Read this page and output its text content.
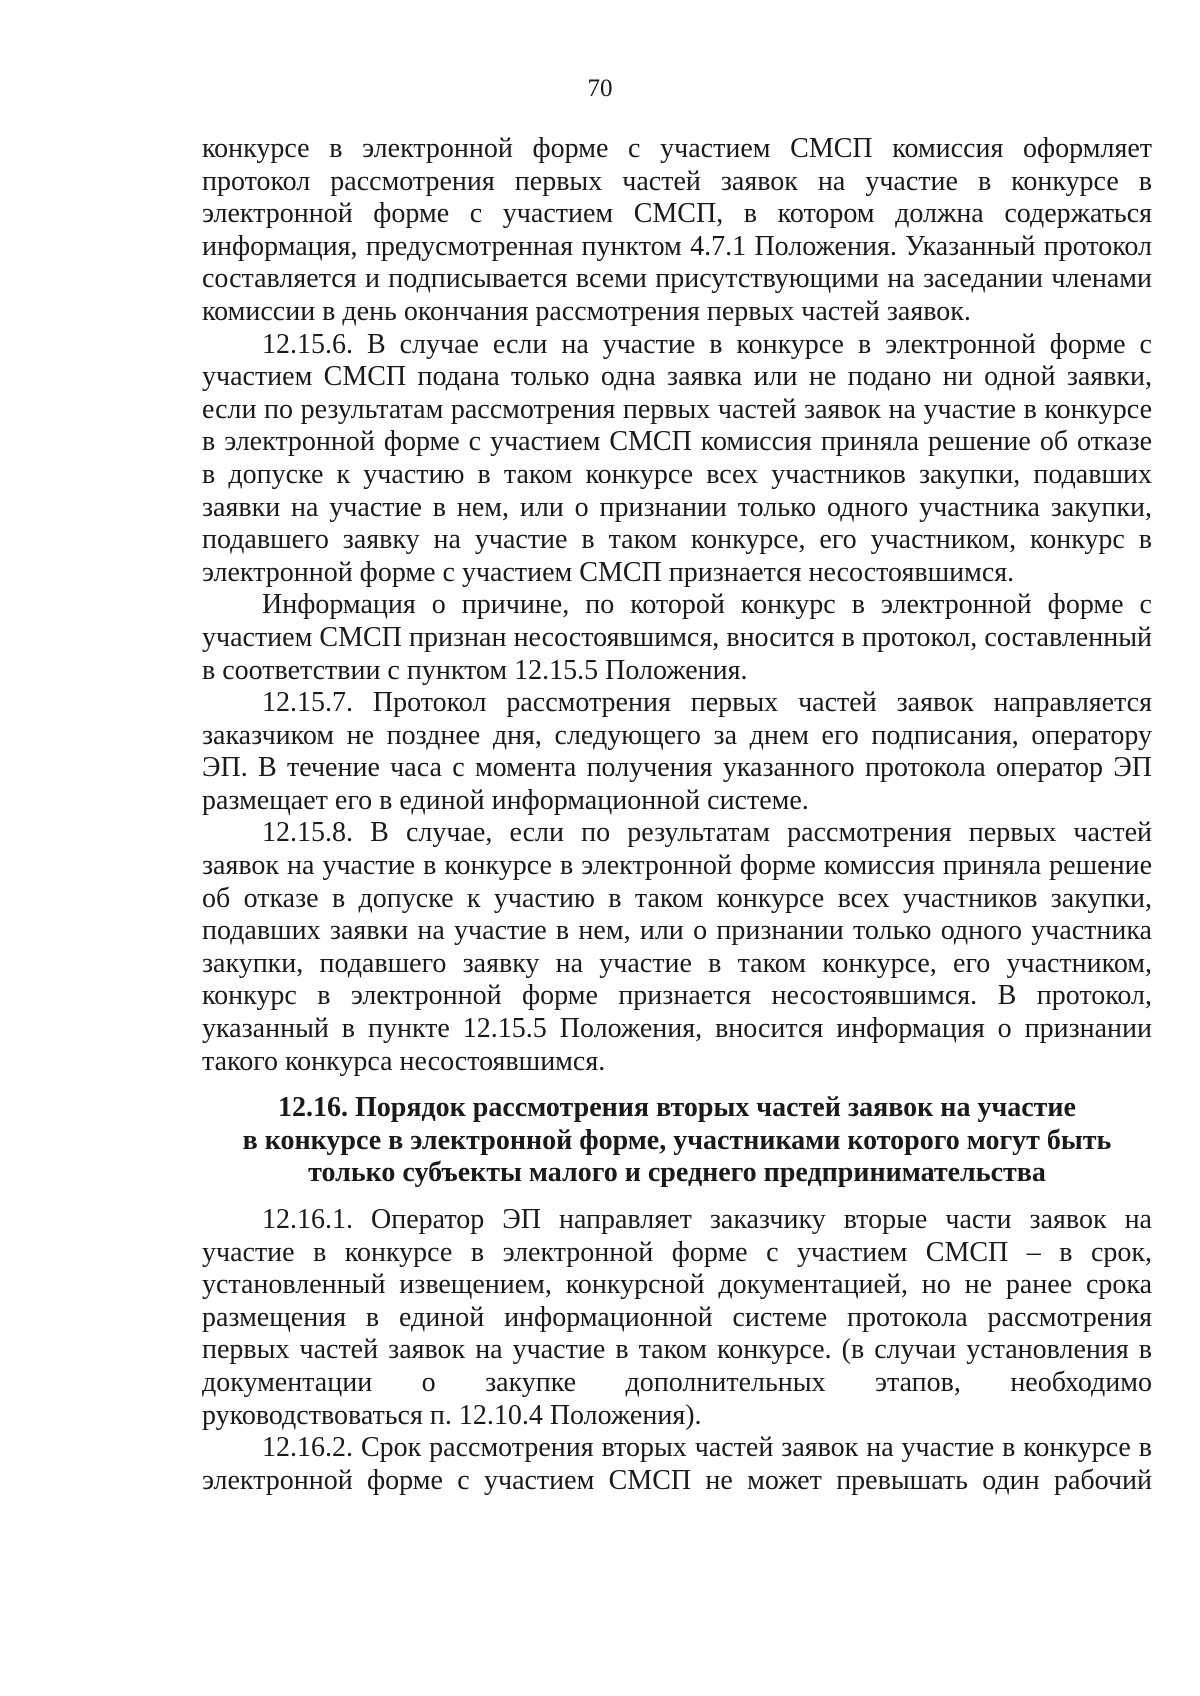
70

конкурсе в электронной форме с участием СМСП комиссия оформляет протокол рассмотрения первых частей заявок на участие в конкурсе в электронной форме с участием СМСП, в котором должна содержаться информация, предусмотренная пунктом 4.7.1 Положения. Указанный протокол составляется и подписывается всеми присутствующими на заседании членами комиссии в день окончания рассмотрения первых частей заявок.

12.15.6. В случае если на участие в конкурсе в электронной форме с участием СМСП подана только одна заявка или не подано ни одной заявки, если по результатам рассмотрения первых частей заявок на участие в конкурсе в электронной форме с участием СМСП комиссия приняла решение об отказе в допуске к участию в таком конкурсе всех участников закупки, подавших заявки на участие в нем, или о признании только одного участника закупки, подавшего заявку на участие в таком конкурсе, его участником, конкурс в электронной форме с участием СМСП признается несостоявшимся.

Информация о причине, по которой конкурс в электронной форме с участием СМСП признан несостоявшимся, вносится в протокол, составленный в соответствии с пунктом 12.15.5 Положения.

12.15.7. Протокол рассмотрения первых частей заявок направляется заказчиком не позднее дня, следующего за днем его подписания, оператору ЭП. В течение часа с момента получения указанного протокола оператор ЭП размещает его в единой информационной системе.

12.15.8. В случае, если по результатам рассмотрения первых частей заявок на участие в конкурсе в электронной форме комиссия приняла решение об отказе в допуске к участию в таком конкурсе всех участников закупки, подавших заявки на участие в нем, или о признании только одного участника закупки, подавшего заявку на участие в таком конкурсе, его участником, конкурс в электронной форме признается несостоявшимся. В протокол, указанный в пункте 12.15.5 Положения, вносится информация о признании такого конкурса несостоявшимся.

12.16. Порядок рассмотрения вторых частей заявок на участие
в конкурсе в электронной форме, участниками которого могут быть
только субъекты малого и среднего предпринимательства

12.16.1. Оператор ЭП направляет заказчику вторые части заявок на участие в конкурсе в электронной форме с участием СМСП – в срок, установленный извещением, конкурсной документацией, но не ранее срока размещения в единой информационной системе протокола рассмотрения первых частей заявок на участие в таком конкурсе. (в случаи установления в документации о закупке дополнительных этапов, необходимо руководствоваться п. 12.10.4 Положения).

12.16.2. Срок рассмотрения вторых частей заявок на участие в конкурсе в электронной форме с участием СМСП не может превышать один рабочий
